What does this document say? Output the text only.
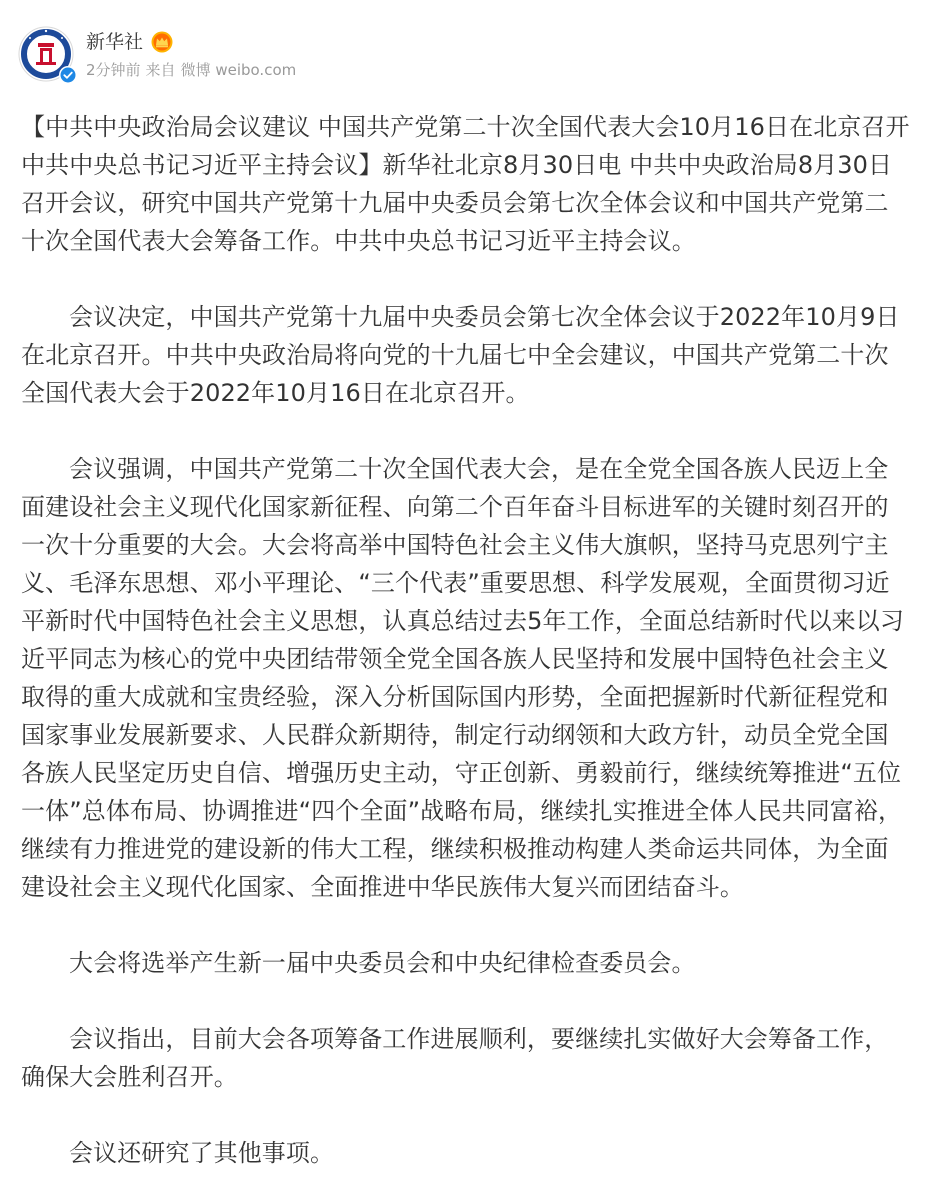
新华社
2分钟前 来自 微博 weibo.com

【中共中央政治局会议建议 中国共产党第二十次全国代表大会10月16日在北京召开 中共中央总书记习近平主持会议】新华社北京8月30日电 中共中央政治局8月30日召开会议，研究中国共产党第十九届中央委员会第七次全体会议和中国共产党第二十次全国代表大会筹备工作。中共中央总书记习近平主持会议。

会议决定，中国共产党第十九届中央委员会第七次全体会议于2022年10月9日在北京召开。中共中央政治局将向党的十九届七中全会建议，中国共产党第二十次全国代表大会于2022年10月16日在北京召开。

会议强调，中国共产党第二十次全国代表大会，是在全党全国各族人民迈上全面建设社会主义现代化国家新征程、向第二个百年奋斗目标进军的关键时刻召开的一次十分重要的大会。大会将高举中国特色社会主义伟大旗帜，坚持马克思列宁主义、毛泽东思想、邓小平理论、“三个代表”重要思想、科学发展观，全面贯彻习近平新时代中国特色社会主义思想，认真总结过去5年工作，全面总结新时代以来以习近平同志为核心的党中央团结带领全党全国各族人民坚持和发展中国特色社会主义取得的重大成就和宝贵经验，深入分析国际国内形势，全面把握新时代新征程党和国家事业发展新要求、人民群众新期待，制定行动纲领和大政方针，动员全党全国各族人民坚定历史自信、增强历史主动，守正创新、勇毅前行，继续统筹推进“五位一体”总体布局、协调推进“四个全面”战略布局，继续扎实推进全体人民共同富裕，继续有力推进党的建设新的伟大工程，继续积极推动构建人类命运共同体，为全面建设社会主义现代化国家、全面推进中华民族伟大复兴而团结奋斗。

大会将选举产生新一届中央委员会和中央纪律检查委员会。

会议指出，目前大会各项筹备工作进展顺利，要继续扎实做好大会筹备工作，确保大会胜利召开。

会议还研究了其他事项。
